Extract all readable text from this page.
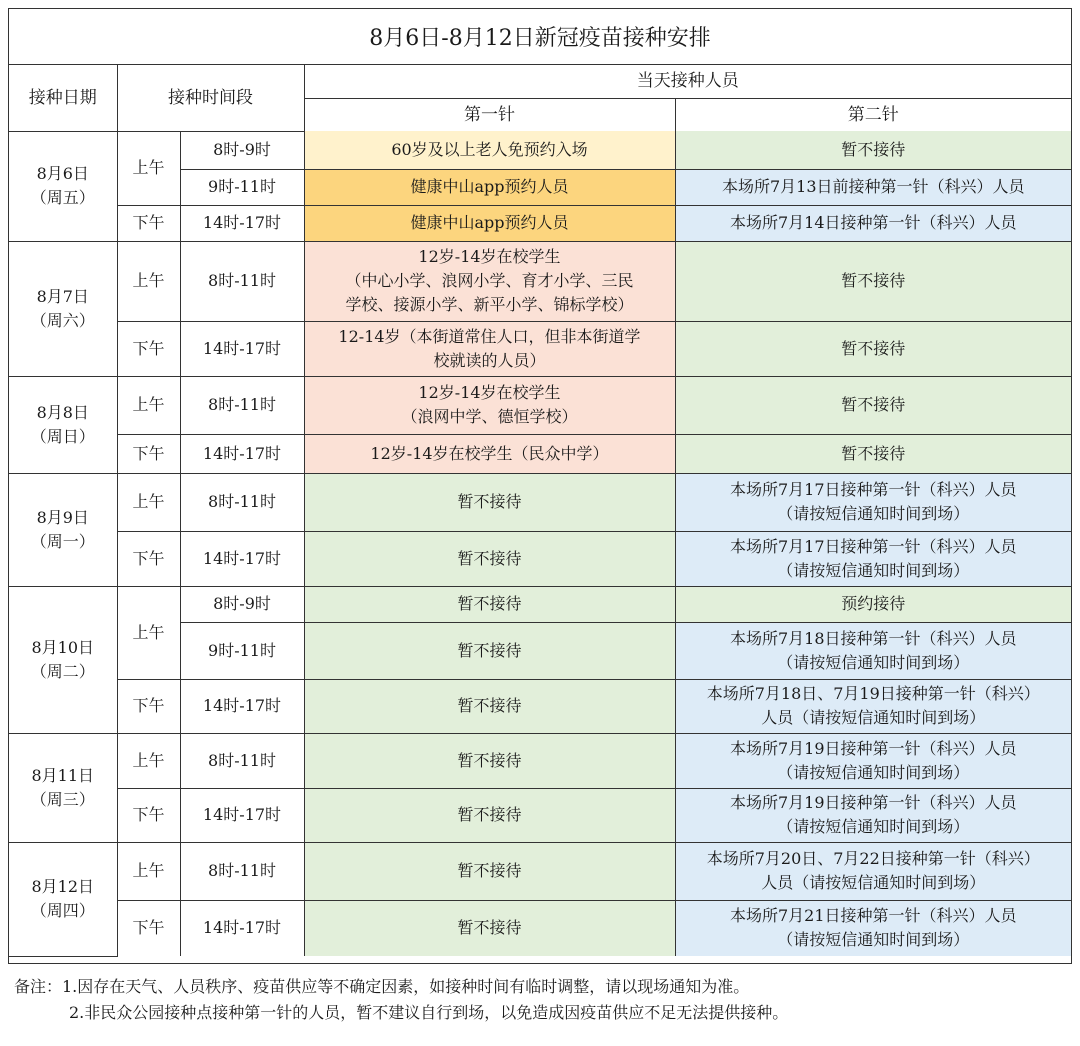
8月6日-8月12日新冠疫苗接种安排
接种日期	接种时间段		当天接种人员	
			第一针	第二针

8月6日
（周五）	上午	8时-9时	60岁及以上老人免预约入场	暂不接待

		9时-11时	健康中山app预约人员	本场所7月13日前接种第一针（科兴）人员

	下午	14时-17时	健康中山app预约人员	本场所7月14日接种第一针（科兴）人员

8月7日
（周六）	上午	8时-11时	12岁-14岁在校学生
（中心小学、浪网小学、育才小学、三民
学校、接源小学、新平小学、锦标学校）	暂不接待

	下午	14时-17时	12-14岁（本街道常住人口，但非本街道学
校就读的人员）	暂不接待

8月8日
（周日）	上午	8时-11时	12岁-14岁在校学生
（浪网中学、德恒学校）	暂不接待

	下午	14时-17时	12岁-14岁在校学生（民众中学）	暂不接待

8月9日
（周一）	上午	8时-11时	暂不接待	本场所7月17日接种第一针（科兴）人员
（请按短信通知时间到场）

	下午	14时-17时	暂不接待	本场所7月17日接种第一针（科兴）人员
（请按短信通知时间到场）

8月10日
（周二）	上午	8时-9时	暂不接待	预约接待

		9时-11时	暂不接待	本场所7月18日接种第一针（科兴）人员
（请按短信通知时间到场）

	下午	14时-17时	暂不接待	本场所7月18日、7月19日接种第一针（科兴）
人员（请按短信通知时间到场）

8月11日
（周三）	上午	8时-11时	暂不接待	本场所7月19日接种第一针（科兴）人员
（请按短信通知时间到场）

	下午	14时-17时	暂不接待	本场所7月19日接种第一针（科兴）人员
（请按短信通知时间到场）

8月12日
（周四）	上午	8时-11时	暂不接待	本场所7月20日、7月22日接种第一针（科兴）
人员（请按短信通知时间到场）

	下午	14时-17时	暂不接待	本场所7月21日接种第一针（科兴）人员
（请按短信通知时间到场）
备注：1.因存在天气、人员秩序、疫苗供应等不确定因素，如接种时间有临时调整，请以现场通知为准。
2.非民众公园接种点接种第一针的人员，暂不建议自行到场，以免造成因疫苗供应不足无法提供接种。
